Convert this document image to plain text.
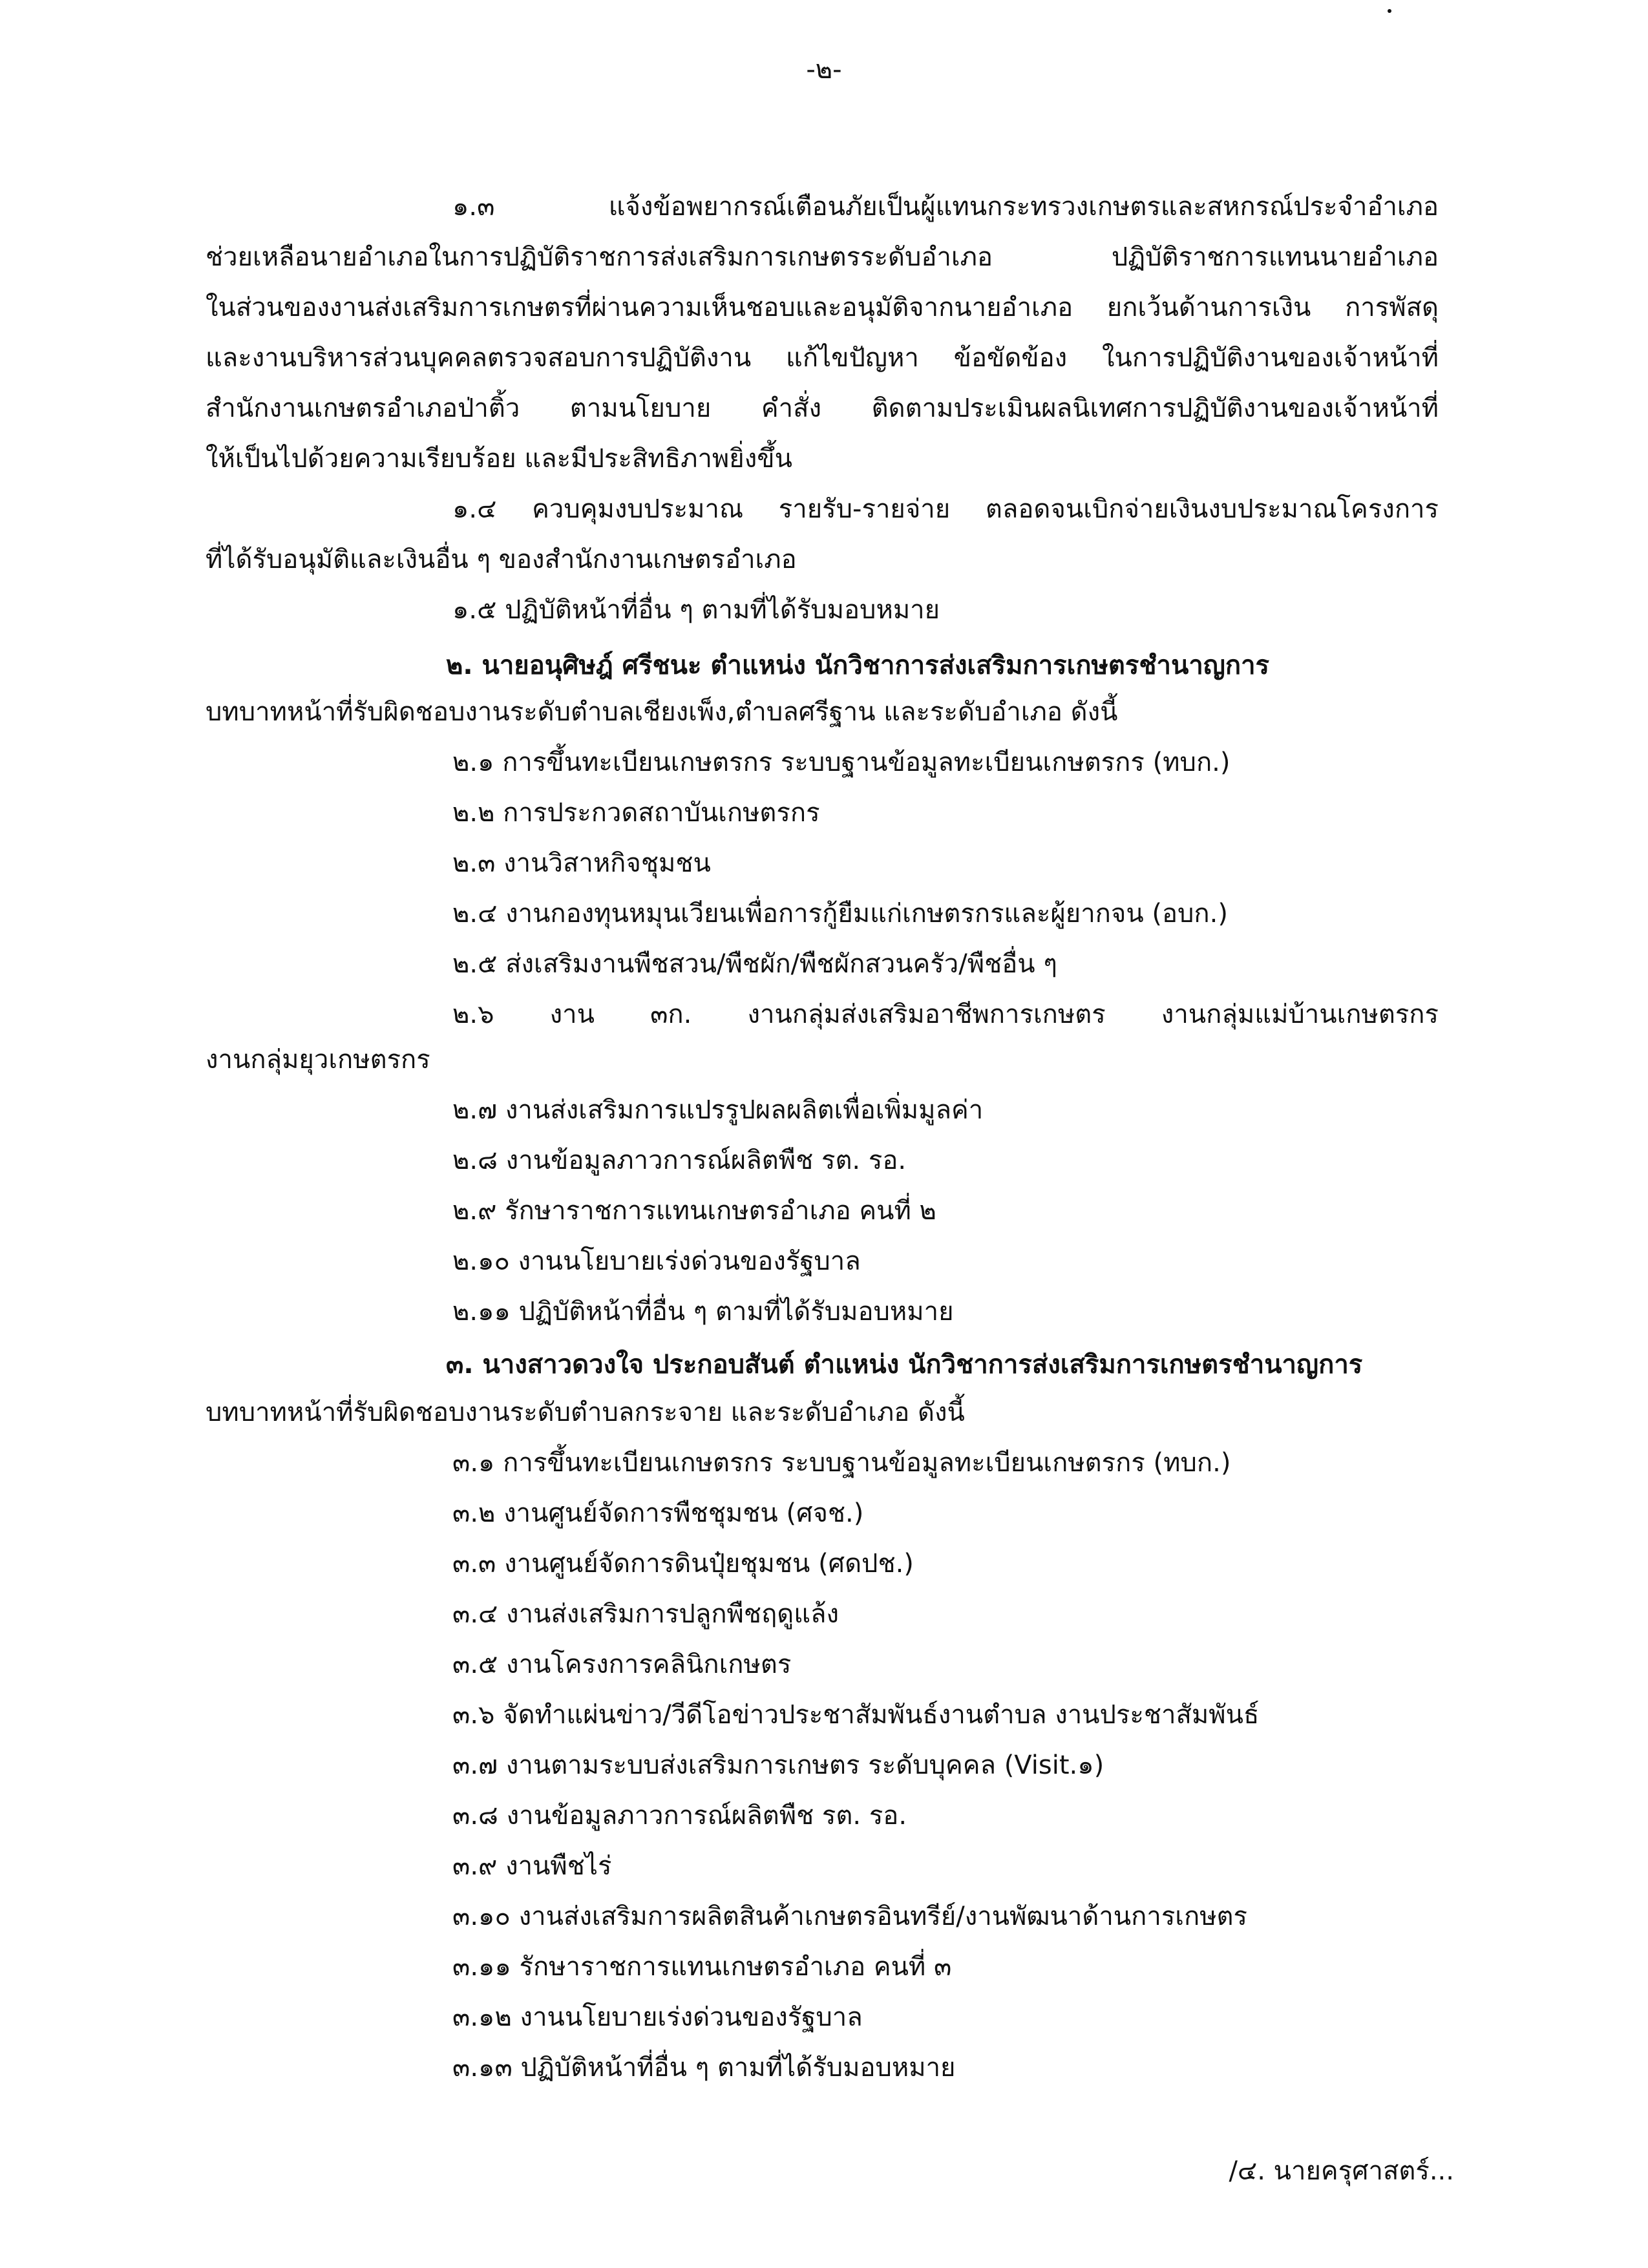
-๒-
๑.๓ แจ้งข้อพยากรณ์เตือนภัยเป็นผู้แทนกระทรวงเกษตรและสหกรณ์ประจำอำเภอ
ช่วยเหลือนายอำเภอในการปฏิบัติราชการส่งเสริมการเกษตรระดับอำเภอ ปฏิบัติราชการแทนนายอำเภอ
ในส่วนของงานส่งเสริมการเกษตรที่ผ่านความเห็นชอบและอนุมัติจากนายอำเภอ ยกเว้นด้านการเงิน การพัสดุ
และงานบริหารส่วนบุคคลตรวจสอบการปฏิบัติงาน แก้ไขปัญหา ข้อขัดข้อง ในการปฏิบัติงานของเจ้าหน้าที่
สำนักงานเกษตรอำเภอป่าติ้ว ตามนโยบาย คำสั่ง ติดตามประเมินผลนิเทศการปฏิบัติงานของเจ้าหน้าที่
ให้เป็นไปด้วยความเรียบร้อย และมีประสิทธิภาพยิ่งขึ้น
๑.๔ ควบคุมงบประมาณ รายรับ-รายจ่าย ตลอดจนเบิกจ่ายเงินงบประมาณโครงการ
ที่ได้รับอนุมัติและเงินอื่น ๆ ของสำนักงานเกษตรอำเภอ
๑.๕ ปฏิบัติหน้าที่อื่น ๆ ตามที่ได้รับมอบหมาย
๒. นายอนุศิษฎ์ ศรีชนะ ตำแหน่ง นักวิชาการส่งเสริมการเกษตรชำนาญการ
บทบาทหน้าที่รับผิดชอบงานระดับตำบลเชียงเพ็ง,ตำบลศรีฐาน และระดับอำเภอ ดังนี้
๒.๑ การขึ้นทะเบียนเกษตรกร ระบบฐานข้อมูลทะเบียนเกษตรกร (ทบก.)
๒.๒ การประกวดสถาบันเกษตรกร
๒.๓ งานวิสาหกิจชุมชน
๒.๔ งานกองทุนหมุนเวียนเพื่อการกู้ยืมแก่เกษตรกรและผู้ยากจน (อบก.)
๒.๕ ส่งเสริมงานพืชสวน/พืชผัก/พืชผักสวนครัว/พืชอื่น ๆ
๒.๖ งาน ๓ก. งานกลุ่มส่งเสริมอาชีพการเกษตร งานกลุ่มแม่บ้านเกษตรกร
งานกลุ่มยุวเกษตรกร
๒.๗ งานส่งเสริมการแปรรูปผลผลิตเพื่อเพิ่มมูลค่า
๒.๘ งานข้อมูลภาวการณ์ผลิตพืช รต. รอ.
๒.๙ รักษาราชการแทนเกษตรอำเภอ คนที่ ๒
๒.๑๐ งานนโยบายเร่งด่วนของรัฐบาล
๒.๑๑ ปฏิบัติหน้าที่อื่น ๆ ตามที่ได้รับมอบหมาย
๓. นางสาวดวงใจ ประกอบสันต์ ตำแหน่ง นักวิชาการส่งเสริมการเกษตรชำนาญการ
บทบาทหน้าที่รับผิดชอบงานระดับตำบลกระจาย และระดับอำเภอ ดังนี้
๓.๑ การขึ้นทะเบียนเกษตรกร ระบบฐานข้อมูลทะเบียนเกษตรกร (ทบก.)
๓.๒ งานศูนย์จัดการพืชชุมชน (ศจช.)
๓.๓ งานศูนย์จัดการดินปุ๋ยชุมชน (ศดปช.)
๓.๔ งานส่งเสริมการปลูกพืชฤดูแล้ง
๓.๕ งานโครงการคลินิกเกษตร
๓.๖ จัดทำแผ่นข่าว/วีดีโอข่าวประชาสัมพันธ์งานตำบล งานประชาสัมพันธ์
๓.๗ งานตามระบบส่งเสริมการเกษตร ระดับบุคคล (Visit.๑)
๓.๘ งานข้อมูลภาวการณ์ผลิตพืช รต. รอ.
๓.๙ งานพืชไร่
๓.๑๐ งานส่งเสริมการผลิตสินค้าเกษตรอินทรีย์/งานพัฒนาด้านการเกษตร
๓.๑๑ รักษาราชการแทนเกษตรอำเภอ คนที่ ๓
๓.๑๒ งานนโยบายเร่งด่วนของรัฐบาล
๓.๑๓ ปฏิบัติหน้าที่อื่น ๆ ตามที่ได้รับมอบหมาย
/๔. นายครุศาสตร์...
